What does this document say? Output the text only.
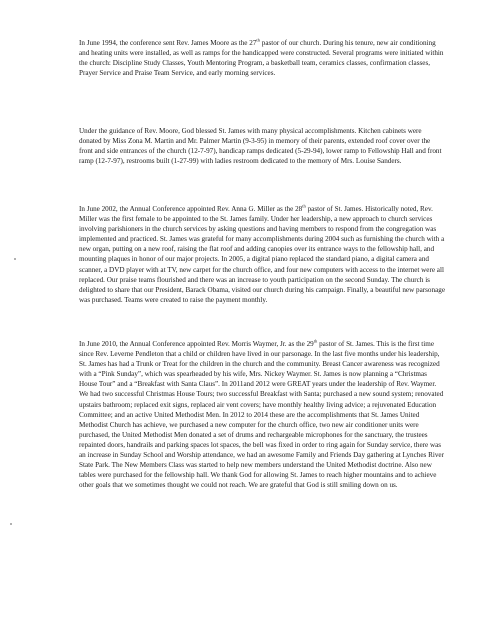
In June 1994, the conference sent Rev. James Moore as the 27th pastor of our church. During his tenure, new air conditioning and heating units were installed, as well as ramps for the handicapped were constructed. Several programs were initiated within the church: Discipline Study Classes, Youth Mentoring Program, a basketball team, ceramics classes, confirmation classes, Prayer Service and Praise Team Service, and early morning services.

Under the guidance of Rev. Moore, God blessed St. James with many physical accomplishments. Kitchen cabinets were donated by Miss Zona M. Martin and Mr. Palmer Martin (9-3-95) in memory of their parents, extended roof cover over the front and side entrances of the church (12-7-97), handicap ramps dedicated (5-29-94), lower ramp to Fellowship Hall and front ramp (12-7-97), restrooms built (1-27-99) with ladies restroom dedicated to the memory of Mrs. Louise Sanders.

In June 2002, the Annual Conference appointed Rev. Anna G. Miller as the 28th pastor of St. James. Historically noted, Rev. Miller was the first female to be appointed to the St. James family. Under her leadership, a new approach to church services involving parishioners in the church services by asking questions and having members to respond from the congregation was implemented and practiced. St. James was grateful for many accomplishments during 2004 such as furnishing the church with a new organ, putting on a new roof, raising the flat roof and adding canopies over its entrance ways to the fellowship hall, and mounting plaques in honor of our major projects. In 2005, a digital piano replaced the standard piano, a digital camera and scanner, a DVD player with at TV, new carpet for the church office, and four new computers with access to the internet were all replaced. Our praise teams flourished and there was an increase to youth participation on the second Sunday. The church is delighted to share that our President, Barack Obama, visited our church during his campaign. Finally, a beautiful new parsonage was purchased. Teams were created to raise the payment monthly.

In June 2010, the Annual Conference appointed Rev. Morris Waymer, Jr. as the 29th pastor of St. James. This is the first time since Rev. Leverne Pendleton that a child or children have lived in our parsonage. In the last five months under his leadership, St. James has had a Trunk or Treat for the children in the church and the community. Breast Cancer awareness was recognized with a “Pink Sunday”, which was spearheaded by his wife, Mrs. Nickey Waymer. St. James is now planning a “Christmas House Tour” and a “Breakfast with Santa Claus”. In 2011and 2012 were GREAT years under the leadership of Rev. Waymer. We had two successful Christmas House Tours; two successful Breakfast with Santa; purchased a new sound system; renovated upstairs bathroom; replaced exit signs, replaced air vent covers; have monthly healthy living advice; a rejuvenated Education Committee; and an active United Methodist Men. In 2012 to 2014 these are the accomplishments that St. James United Methodist Church has achieve, we purchased a new computer for the church office, two new air conditioner units were purchased, the United Methodist Men donated a set of drums and rechargeable microphones for the sanctuary, the trustees repainted doors, handrails and parking spaces lot spaces, the bell was fixed in order to ring again for Sunday service, there was an increase in Sunday School and Worship attendance, we had an awesome Family and Friends Day gathering at Lynches River State Park. The New Members Class was started to help new members understand the United Methodist doctrine. Also new tables were purchased for the fellowship hall. We thank God for allowing St. James to reach higher mountains and to achieve other goals that we sometimes thought we could not reach. We are grateful that God is still smiling down on us.
